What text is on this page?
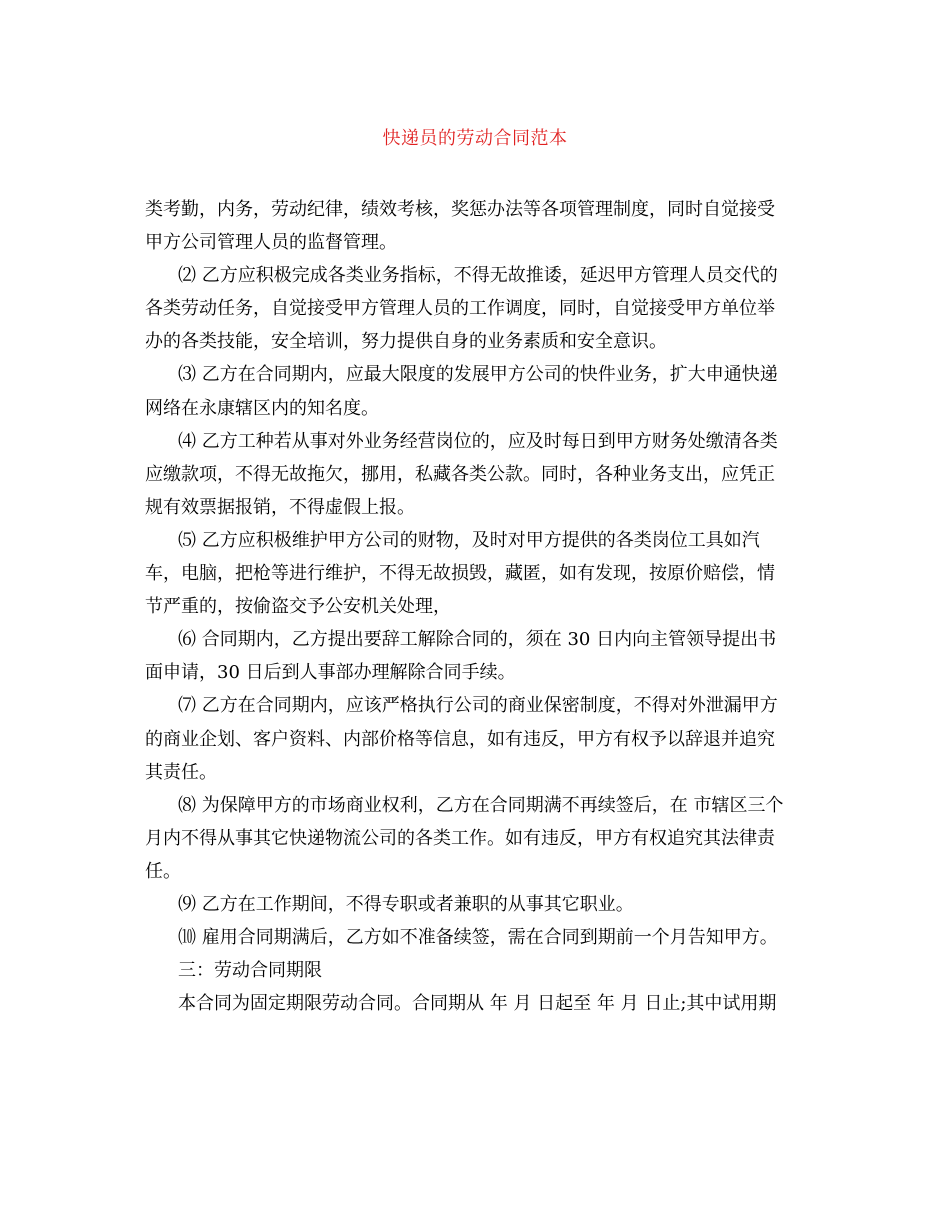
快递员的劳动合同范本
类考勤，内务，劳动纪律，绩效考核，奖惩办法等各项管理制度，同时自觉接受
甲方公司管理人员的监督管理。
⑵ 乙方应积极完成各类业务指标，不得无故推诿，延迟甲方管理人员交代的
各类劳动任务，自觉接受甲方管理人员的工作调度，同时，自觉接受甲方单位举
办的各类技能，安全培训，努力提供自身的业务素质和安全意识。
⑶ 乙方在合同期内，应最大限度的发展甲方公司的快件业务，扩大申通快递
网络在永康辖区内的知名度。
⑷ 乙方工种若从事对外业务经营岗位的，应及时每日到甲方财务处缴清各类
应缴款项，不得无故拖欠，挪用，私藏各类公款。同时，各种业务支出，应凭正
规有效票据报销，不得虚假上报。
⑸ 乙方应积极维护甲方公司的财物，及时对甲方提供的各类岗位工具如汽
车，电脑，把枪等进行维护，不得无故损毁，藏匿，如有发现，按原价赔偿，情
节严重的，按偷盗交予公安机关处理，
⑹ 合同期内，乙方提出要辞工解除合同的，须在 30 日内向主管领导提出书
面申请，30 日后到人事部办理解除合同手续。
⑺ 乙方在合同期内，应该严格执行公司的商业保密制度，不得对外泄漏甲方
的商业企划、客户资料、内部价格等信息，如有违反，甲方有权予以辞退并追究
其责任。
⑻ 为保障甲方的市场商业权利，乙方在合同期满不再续签后，在 市辖区三个
月内不得从事其它快递物流公司的各类工作。如有违反，甲方有权追究其法律责
任。
⑼ 乙方在工作期间，不得专职或者兼职的从事其它职业。
⑽ 雇用合同期满后，乙方如不准备续签，需在合同到期前一个月告知甲方。
三：劳动合同期限
本合同为固定期限劳动合同。合同期从 年 月 日起至 年 月 日止;其中试用期
